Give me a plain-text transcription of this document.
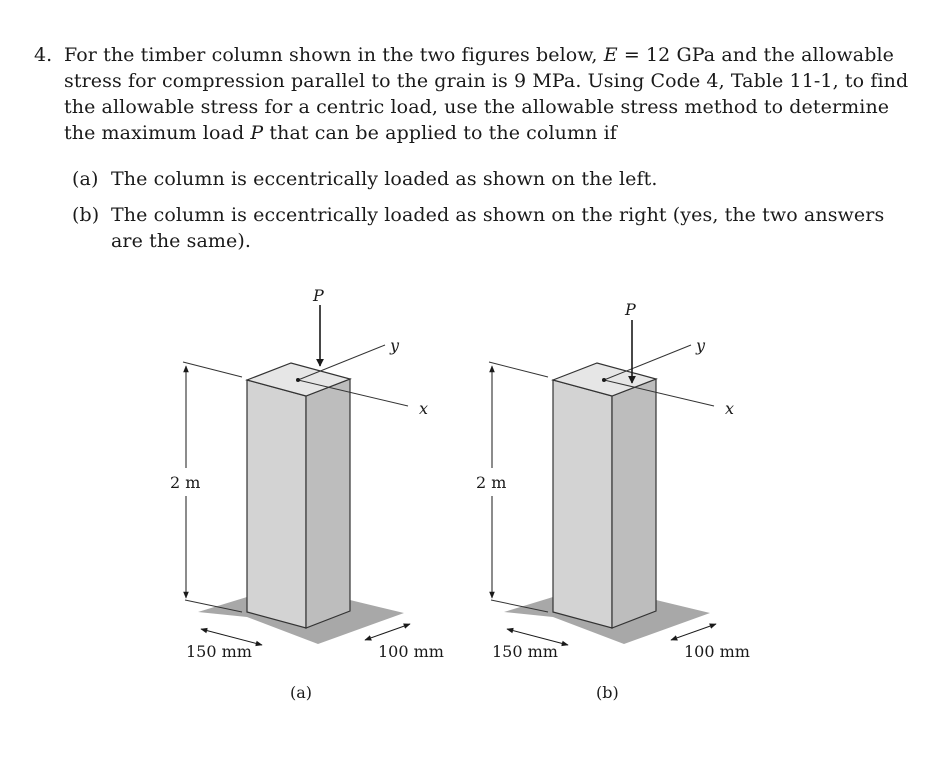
4. For the timber column shown in the two figures below, E = 12 GPa and the allowable
stress for compression parallel to the grain is 9 MPa. Using Code 4, Table 11-1, to find
the allowable stress for a centric load, use the allowable stress method to determine
the maximum load P that can be applied to the column if
(a) The column is eccentrically loaded as shown on the left.
(b) The column is eccentrically loaded as shown on the right (yes, the two answers
are the same).
2 m
150 mm	100 mm
y
x
P
(a)
2 m
150 mm	100 mm
y
x
P
(b)
